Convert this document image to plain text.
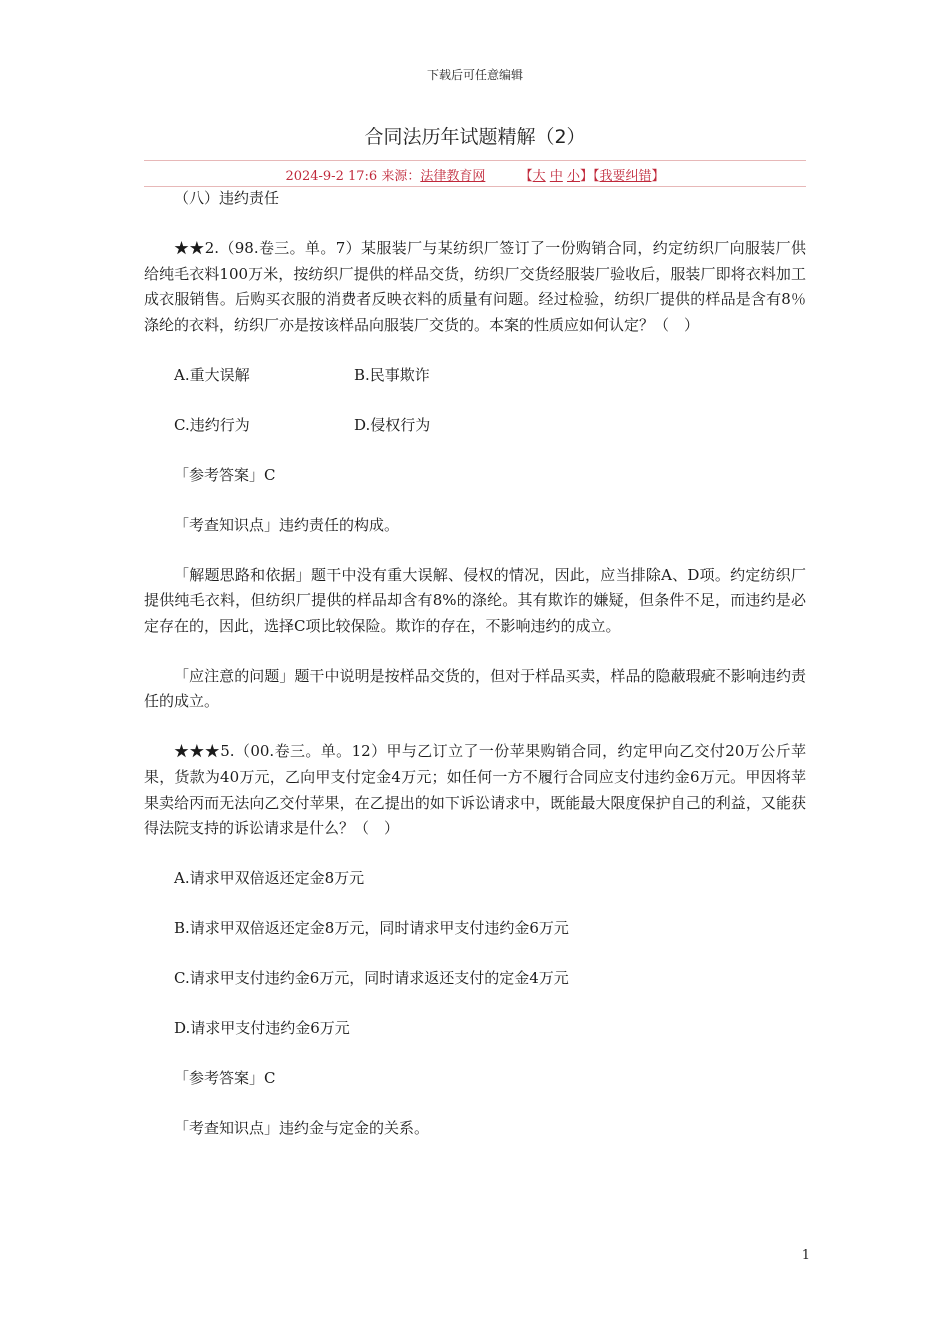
下载后可任意编辑
合同法历年试题精解（2）
2024-9-2 17:6 来源：法律教育网	【大 中 小】【我要纠错】

（八）违约责任

★★2.（98.卷三。单。7）某服装厂与某纺织厂签订了一份购销合同，约定纺织厂向服装厂供给纯毛衣料100万米，按纺织厂提供的样品交货，纺织厂交货经服装厂验收后，服装厂即将衣料加工成衣服销售。后购买衣服的消费者反映衣料的质量有问题。经过检验，纺织厂提供的样品是含有8％涤纶的衣料，纺织厂亦是按该样品向服装厂交货的。本案的性质应如何认定？（　）

A.重大误解	B.民事欺诈

C.违约行为	D.侵权行为

「参考答案」C

「考查知识点」违约责任的构成。

「解题思路和依据」题干中没有重大误解、侵权的情况，因此，应当排除A、D项。约定纺织厂提供纯毛衣料，但纺织厂提供的样品却含有8%的涤纶。其有欺诈的嫌疑，但条件不足，而违约是必定存在的，因此，选择C项比较保险。欺诈的存在，不影响违约的成立。

「应注意的问题」题干中说明是按样品交货的，但对于样品买卖，样品的隐蔽瑕疵不影响违约责任的成立。

★★★5.（00.卷三。单。12）甲与乙订立了一份苹果购销合同，约定甲向乙交付20万公斤苹果，货款为40万元，乙向甲支付定金4万元；如任何一方不履行合同应支付违约金6万元。甲因将苹果卖给丙而无法向乙交付苹果，在乙提出的如下诉讼请求中，既能最大限度保护自己的利益，又能获得法院支持的诉讼请求是什么？（　）

A.请求甲双倍返还定金8万元

B.请求甲双倍返还定金8万元，同时请求甲支付违约金6万元

C.请求甲支付违约金6万元，同时请求返还支付的定金4万元

D.请求甲支付违约金6万元

「参考答案」C

「考查知识点」违约金与定金的关系。

1
